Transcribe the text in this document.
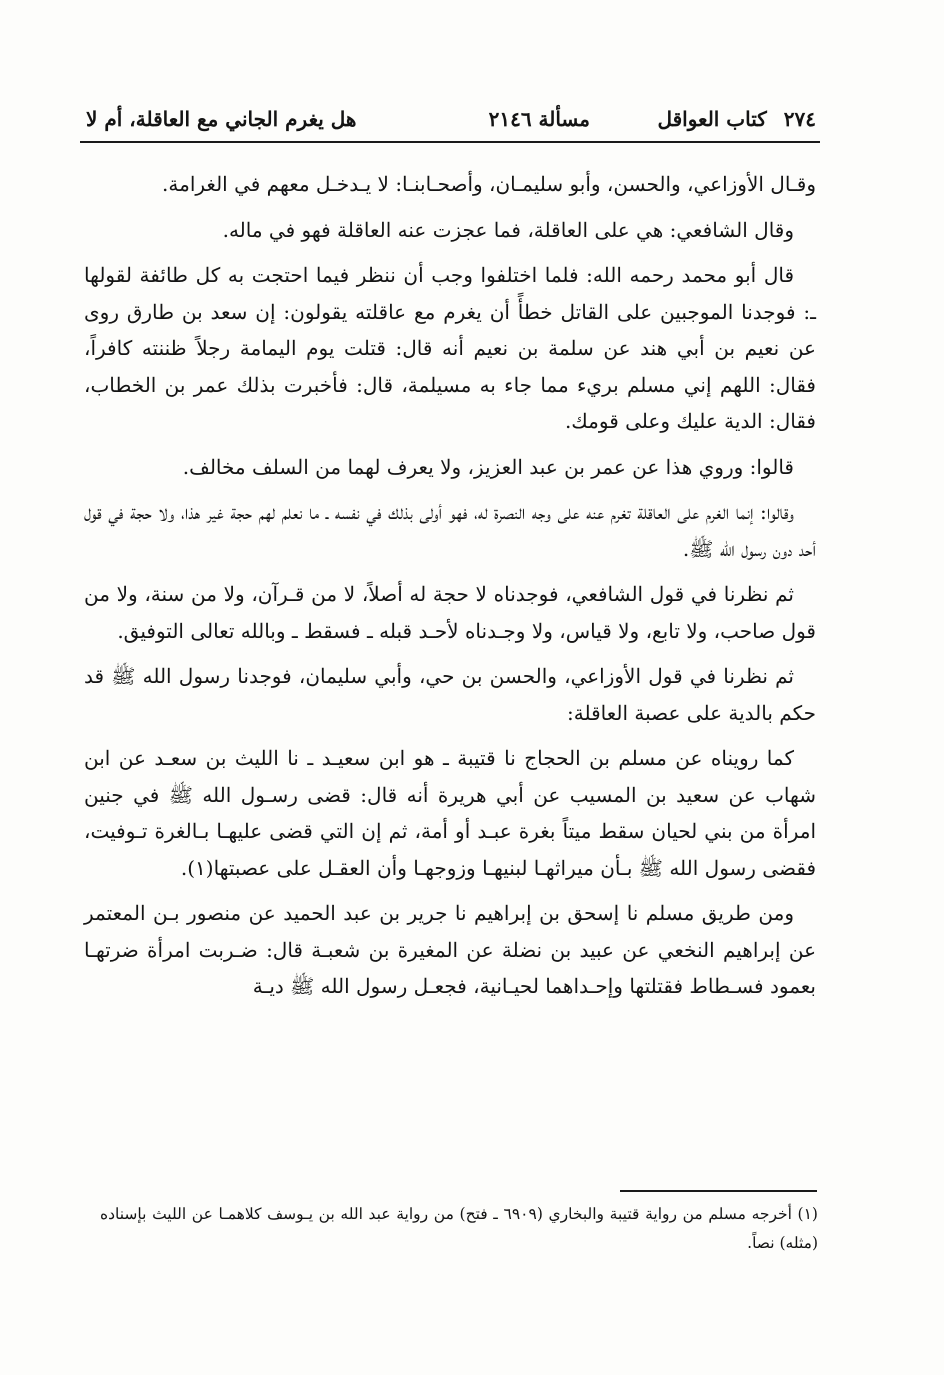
٢٧٤ كتاب العواقل
مسألة ٢١٤٦
هل يغرم الجاني مع العاقلة، أم لا

وقـال الأوزاعي، والحسن، وأبو سليمـان، وأصحـابنـا: لا يـدخـل معهم في الغرامة.

وقال الشافعي: هي على العاقلة، فما عجزت عنه العاقلة فهو في ماله.

قال أبو محمد رحمه الله: فلما اختلفوا وجب أن ننظر فيما احتجت به كل طائفة لقولها ـ: فوجدنا الموجبين على القاتل خطأً أن يغرم مع عاقلته يقولون: إن سعد بن طارق روى عن نعيم بن أبي هند عن سلمة بن نعيم أنه قال: قتلت يوم اليمامة رجلاً ظننته كافراً، فقال: اللهم إني مسلم بريء مما جاء به مسيلمة، قال: فأخبرت بذلك عمر بن الخطاب، فقال: الدية عليك وعلى قومك.

قالوا: وروي هذا عن عمر بن عبد العزيز، ولا يعرف لهما من السلف مخالف.

وقالوا: إنما الغرم على العاقلة تغرم عنه على وجه النصرة له، فهو أولى بذلك في نفسه ـ ما نعلم لهم حجة غير هذا، ولا حجة في قول أحد دون رسول الله ﷺ.

ثم نظرنا في قول الشافعي، فوجدناه لا حجة له أصلاً، لا من قـرآن، ولا من سنة، ولا من قول صاحب، ولا تابع، ولا قياس، ولا وجـدناه لأحـد قبله ـ فسقط ـ وبالله تعالى التوفيق.

ثم نظرنا في قول الأوزاعي، والحسن بن حي، وأبي سليمان، فوجدنا رسول الله ﷺ قد حكم بالدية على عصبة العاقلة:

كما رويناه عن مسلم بن الحجاج نا قتيبة ـ هو ابن سعيـد ـ نا الليث بن سعـد عن ابن شهاب عن سعيد بن المسيب عن أبي هريرة أنه قال: قضى رسـول الله ﷺ في جنين امرأة من بني لحيان سقط ميتاً بغرة عبـد أو أمة، ثم إن التي قضى عليهـا بـالغرة تـوفيت، فقضى رسول الله ﷺ بـأن ميراثهـا لبنيهـا وزوجهـا وأن العقـل على عصبتها(١).

ومن طريق مسلم نا إسحق بن إبراهيم نا جرير بن عبد الحميد عن منصور بـن المعتمر عن إبراهيم النخعي عن عبيد بن نضلة عن المغيرة بن شعبـة قال: ضـربت امرأة ضرتهـا بعمود فسـطاط فقتلتها وإحـداهما لحيـانية، فجعـل رسول الله ﷺ ديـة

(١) أخرجه مسلم من رواية قتيبة والبخاري (٦٩٠٩ ـ فتح) من رواية عبد الله بن يـوسف كلاهمـا عن الليث بإسناده (مثله) نصاً.
